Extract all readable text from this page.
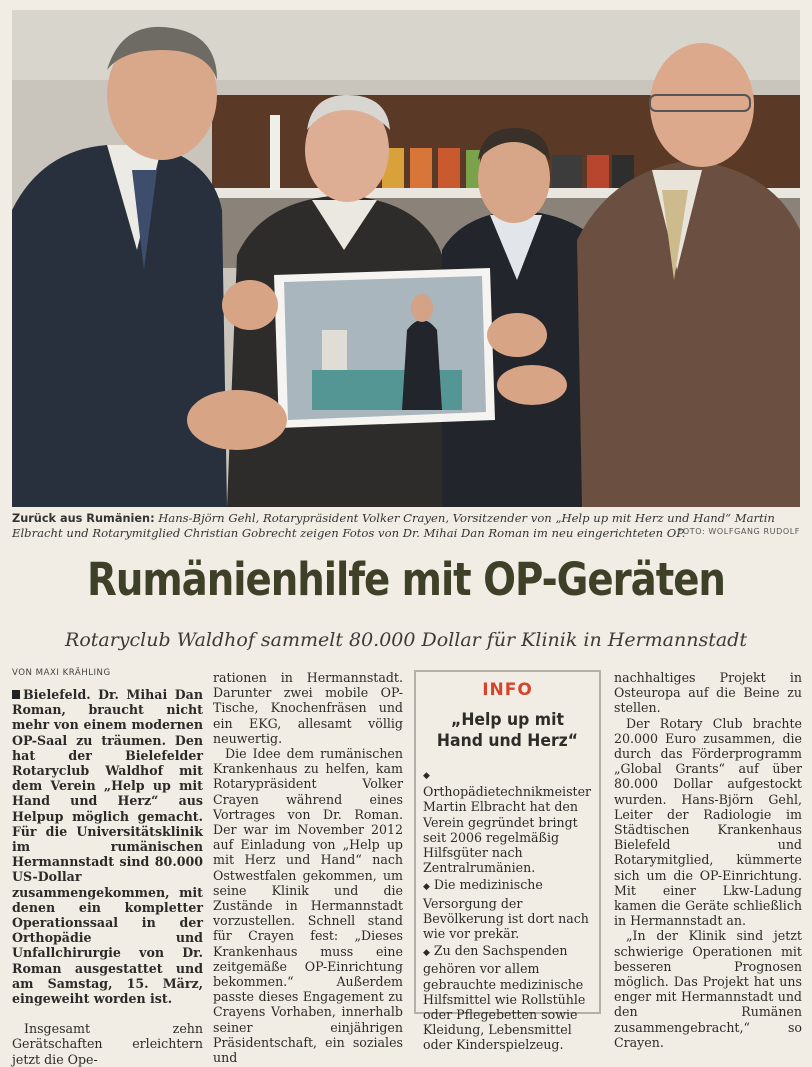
Zurück aus Rumänien: Hans-Björn Gehl, Rotarypräsident Volker Crayen, Vorsitzender von „Help up mit Herz und Hand“ Martin Elbracht und Rotarymitglied Christian Gobrecht zeigen Fotos von Dr. Mihai Dan Roman im neu eingerichteten OP.
FOTO: WOLFGANG RUDOLF
Rumänienhilfe mit OP-Geräten
Rotaryclub Waldhof sammelt 80.000 Dollar für Klinik in Hermannstadt
VON MAXI KRÄHLING

Bielefeld. Dr. Mihai Dan Roman, braucht nicht mehr von einem modernen OP-Saal zu träumen. Den hat der Bielefelder Rotaryclub Waldhof mit dem Verein „Help up mit Hand und Herz“ aus Helpup möglich gemacht. Für die Universitätsklinik im rumänischen Hermannstadt sind 80.000 US-Dollar zusammengekommen, mit denen ein kompletter Operationssaal in der Orthopädie und Unfallchirurgie von Dr. Roman ausgestattet und am Samstag, 15. März, eingeweiht worden ist.

Insgesamt zehn Gerätschaften erleichtern jetzt die Ope-

rationen in Hermannstadt. Darunter zwei mobile OP-Tische, Knochenfräsen und ein EKG, allesamt völlig neuwertig.

Die Idee dem rumänischen Krankenhaus zu helfen, kam Rotarypräsident Volker Crayen während eines Vortrages von Dr. Roman. Der war im November 2012 auf Einladung von „Help up mit Herz und Hand“ nach Ostwestfalen gekommen, um seine Klinik und die Zustände in Hermannstadt vorzustellen. Schnell stand für Crayen fest: „Dieses Krankenhaus muss eine zeitgemäße OP-Einrichtung bekommen.“ Außerdem passte dieses Engagement zu Crayens Vorhaben, innerhalb seiner einjährigen Präsidentschaft, ein soziales und

INFO
„Help up mit Hand und Herz“

◆Orthopädietechnikmeister Martin Elbracht hat den Verein gegründet bringt seit 2006 regelmäßig Hilfsgüter nach Zentralrumänien.

◆ Die medizinische Versorgung der Bevölkerung ist dort nach wie vor prekär.

◆ Zu den Sachspenden gehören vor allem gebrauchte medizinische Hilfsmittel wie Rollstühle oder Pflegebetten sowie Kleidung, Lebensmittel oder Kinderspielzeug.

nachhaltiges Projekt in Osteuropa auf die Beine zu stellen.

Der Rotary Club brachte 20.000 Euro zusammen, die durch das Förderprogramm „Global Grants“ auf über 80.000 Dollar aufgestockt wurden. Hans-Björn Gehl, Leiter der Radiologie im Städtischen Krankenhaus Bielefeld und Rotarymitglied, kümmerte sich um die OP-Einrichtung. Mit einer Lkw-Ladung kamen die Geräte schließlich in Hermannstadt an.

„In der Klinik sind jetzt schwierige Operationen mit besseren Prognosen möglich. Das Projekt hat uns enger mit Hermannstadt und den Rumänen zusammengebracht,“ so Crayen.
